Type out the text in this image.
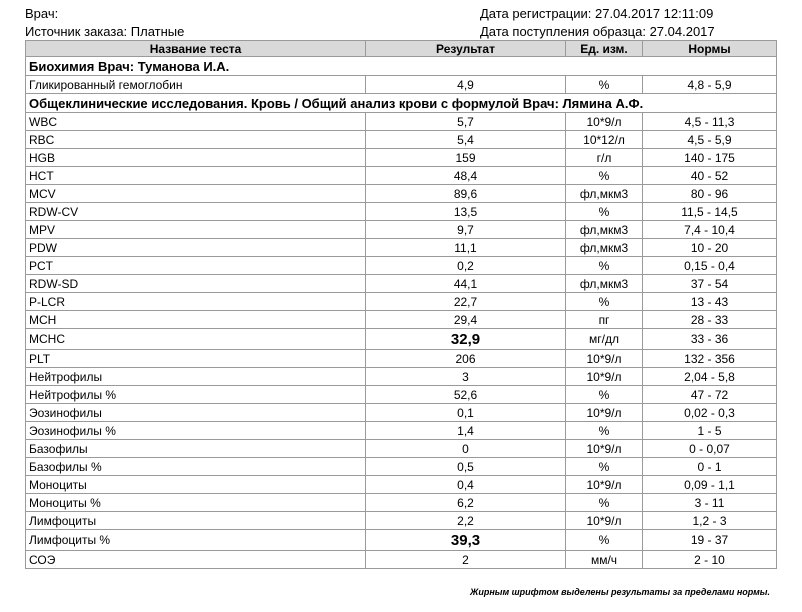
Врач:
Источник заказа: Платные
Дата регистрации: 27.04.2017 12:11:09
Дата поступления образца: 27.04.2017
Название теста	Результат	Ед. изм.	Нормы
Биохимия Врач: Туманова И.А.			
Гликированный гемоглобин	4,9	%	4,8 - 5,9
Общеклинические исследования. Кровь / Общий анализ крови с формулой Врач: Лямина А.Ф.			
WBC	5,7	10*9/л	4,5 - 11,3
RBC	5,4	10*12/л	4,5 - 5,9
HGB	159	г/л	140 - 175
HCT	48,4	%	40 - 52
MCV	89,6	фл,мкм3	80 - 96
RDW-CV	13,5	%	11,5 - 14,5
MPV	9,7	фл,мкм3	7,4 - 10,4
PDW	11,1	фл,мкм3	10 - 20
PCT	0,2	%	0,15 - 0,4
RDW-SD	44,1	фл,мкм3	37 - 54
P-LCR	22,7	%	13 - 43
MCH	29,4	пг	28 - 33
MCHC	32,9	мг/дл	33 - 36
PLT	206	10*9/л	132 - 356
Нейтрофилы	3	10*9/л	2,04 - 5,8
Нейтрофилы %	52,6	%	47 - 72
Эозинофилы	0,1	10*9/л	0,02 - 0,3
Эозинофилы %	1,4	%	1 - 5
Базофилы	0	10*9/л	0 - 0,07
Базофилы %	0,5	%	0 - 1
Моноциты	0,4	10*9/л	0,09 - 1,1
Моноциты %	6,2	%	3 - 11
Лимфоциты	2,2	10*9/л	1,2 - 3
Лимфоциты %	39,3	%	19 - 37
СОЭ	2	мм/ч	2 - 10
Жирным шрифтом выделены результаты за пределами нормы.
